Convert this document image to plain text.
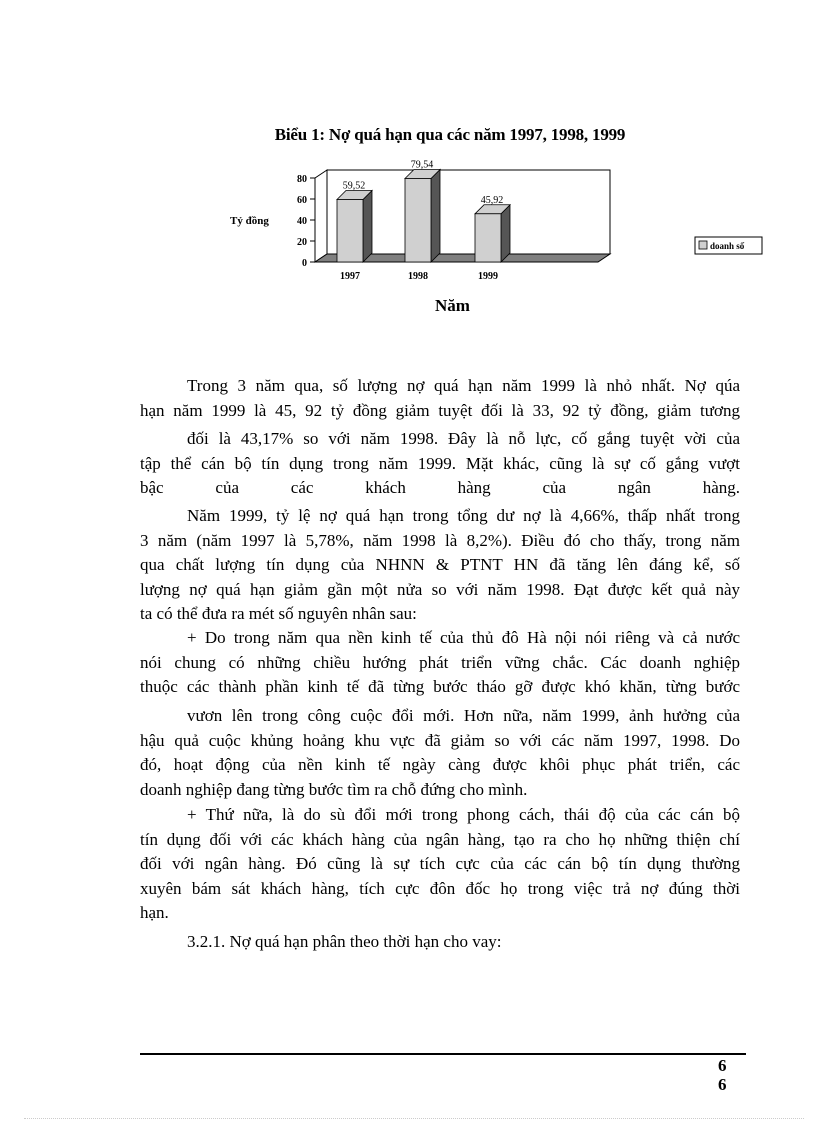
Biểu 1: Nợ quá hạn qua các năm 1997, 1998, 1999
0
20
40
60
80
Tỷ đồng
59,52
1997
79,54
1998
45,92
1999
doanh số
Năm
Trong 3 năm qua, số lượng nợ quá hạn năm 1999 là nhỏ nhất. Nợ qúa
hạn năm 1999 là 45, 92 tỷ đồng giảm tuyệt đối là 33, 92 tỷ đồng, giảm tương
đối là 43,17% so với năm 1998. Đây là nỗ lực, cố gắng tuyệt vời của
tập thể cán bộ tín dụng trong năm 1999. Mặt khác, cũng là sự cố gắng vượt
bậc của các khách hàng của ngân hàng.
Năm 1999, tỷ lệ nợ quá hạn trong tổng dư nợ là 4,66%, thấp nhất trong
3 năm (năm 1997 là 5,78%, năm 1998 là 8,2%). Điều đó cho thấy, trong năm
qua chất lượng tín dụng của NHNN & PTNT HN đã tăng lên đáng kể, số
lượng nợ quá hạn giảm gần một nửa so với năm 1998. Đạt được kết quả này
ta có thể đưa ra mét số nguyên nhân sau:
+ Do trong năm qua nền kinh tế của thủ đô Hà nội nói riêng và cả nước
nói chung có những chiều hướng phát triển vững chắc. Các doanh nghiệp
thuộc các thành phần kinh tế đã từng bước tháo gỡ được khó khăn, từng bước
vươn lên trong công cuộc đổi mới. Hơn nữa, năm 1999, ảnh hưởng của
hậu quả cuộc khủng hoảng khu vực đã giảm so với các năm 1997, 1998. Do
đó, hoạt động của nền kinh tế ngày càng được khôi phục phát triển, các
doanh nghiệp đang từng bước tìm ra chỗ đứng cho mình.
+ Thứ nữa, là do sù đổi mới trong phong cách, thái độ của các cán bộ
tín dụng đối với các khách hàng của ngân hàng, tạo ra cho họ những thiện chí
đối với ngân hàng. Đó cũng là sự tích cực của các cán bộ tín dụng thường
xuyên bám sát khách hàng, tích cực đôn đốc họ trong việc trả nợ đúng thời
hạn.
3.2.1. Nợ quá hạn phân theo thời hạn cho vay:
6
6
